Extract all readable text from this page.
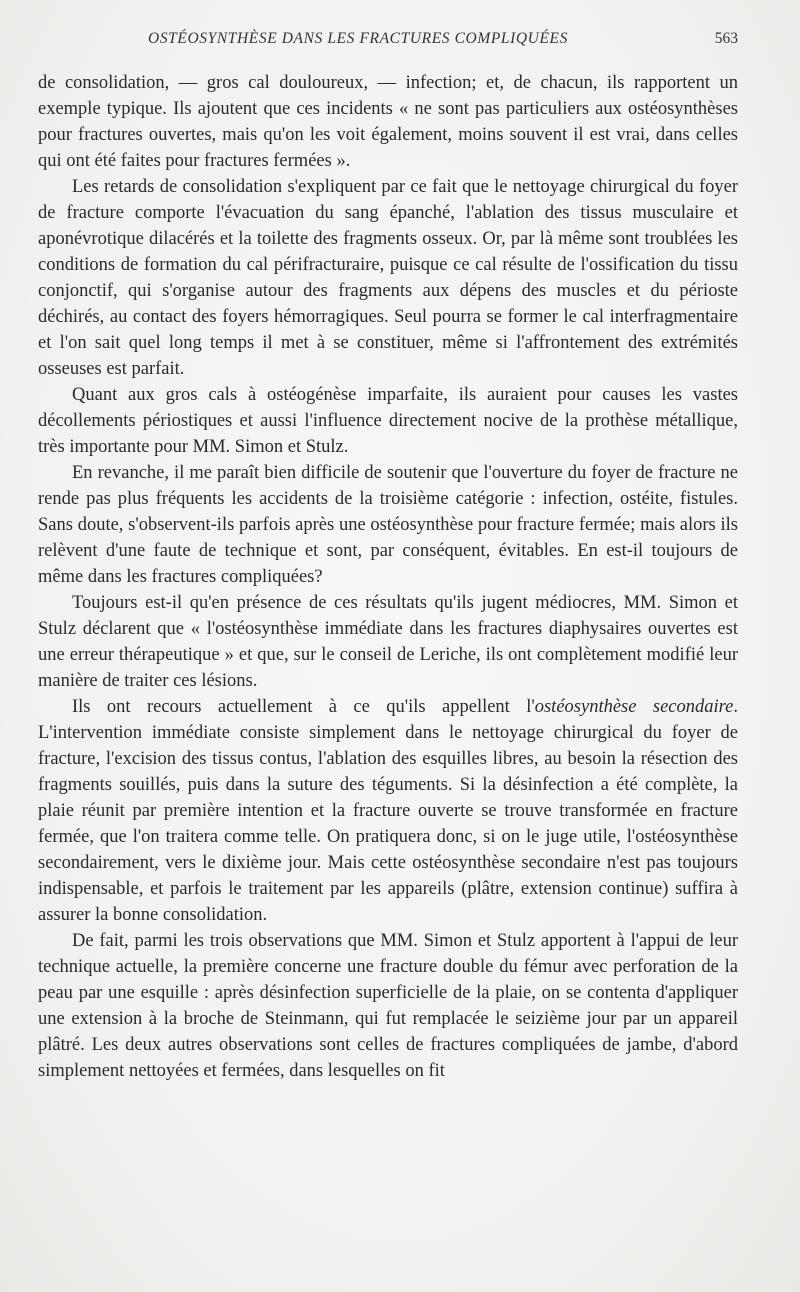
OSTÉOSYNTHÈSE DANS LES FRACTURES COMPLIQUÉES	563

de consolidation, — gros cal douloureux, — infection; et, de chacun, ils rapportent un exemple typique. Ils ajoutent que ces incidents « ne sont pas particuliers aux ostéosynthèses pour fractures ouvertes, mais qu'on les voit également, moins souvent il est vrai, dans celles qui ont été faites pour fractures fermées ».

Les retards de consolidation s'expliquent par ce fait que le nettoyage chirurgical du foyer de fracture comporte l'évacuation du sang épanché, l'ablation des tissus musculaire et aponévrotique dilacérés et la toilette des fragments osseux. Or, par là même sont troublées les conditions de formation du cal périfracturaire, puisque ce cal résulte de l'ossification du tissu conjonctif, qui s'organise autour des fragments aux dépens des muscles et du périoste déchirés, au contact des foyers hémorragiques. Seul pourra se former le cal interfragmentaire et l'on sait quel long temps il met à se constituer, même si l'affrontement des extrémités osseuses est parfait.

Quant aux gros cals à ostéogénèse imparfaite, ils auraient pour causes les vastes décollements périostiques et aussi l'influence directement nocive de la prothèse métallique, très importante pour MM. Simon et Stulz.

En revanche, il me paraît bien difficile de soutenir que l'ouverture du foyer de fracture ne rende pas plus fréquents les accidents de la troisième catégorie : infection, ostéite, fistules. Sans doute, s'observent-ils parfois après une ostéosynthèse pour fracture fermée; mais alors ils relèvent d'une faute de technique et sont, par conséquent, évitables. En est-il toujours de même dans les fractures compliquées?

Toujours est-il qu'en présence de ces résultats qu'ils jugent médiocres, MM. Simon et Stulz déclarent que « l'ostéosynthèse immédiate dans les fractures diaphysaires ouvertes est une erreur thérapeutique » et que, sur le conseil de Leriche, ils ont complètement modifié leur manière de traiter ces lésions.

Ils ont recours actuellement à ce qu'ils appellent l'ostéosynthèse secondaire. L'intervention immédiate consiste simplement dans le nettoyage chirurgical du foyer de fracture, l'excision des tissus contus, l'ablation des esquilles libres, au besoin la résection des fragments souillés, puis dans la suture des téguments. Si la désinfection a été complète, la plaie réunit par première intention et la fracture ouverte se trouve transformée en fracture fermée, que l'on traitera comme telle. On pratiquera donc, si on le juge utile, l'ostéosynthèse secondairement, vers le dixième jour. Mais cette ostéosynthèse secondaire n'est pas toujours indispensable, et parfois le traitement par les appareils (plâtre, extension continue) suffira à assurer la bonne consolidation.

De fait, parmi les trois observations que MM. Simon et Stulz apportent à l'appui de leur technique actuelle, la première concerne une fracture double du fémur avec perforation de la peau par une esquille : après désinfection superficielle de la plaie, on se contenta d'appliquer une extension à la broche de Steinmann, qui fut remplacée le seizième jour par un appareil plâtré. Les deux autres observations sont celles de fractures compliquées de jambe, d'abord simplement nettoyées et fermées, dans lesquelles on fit
